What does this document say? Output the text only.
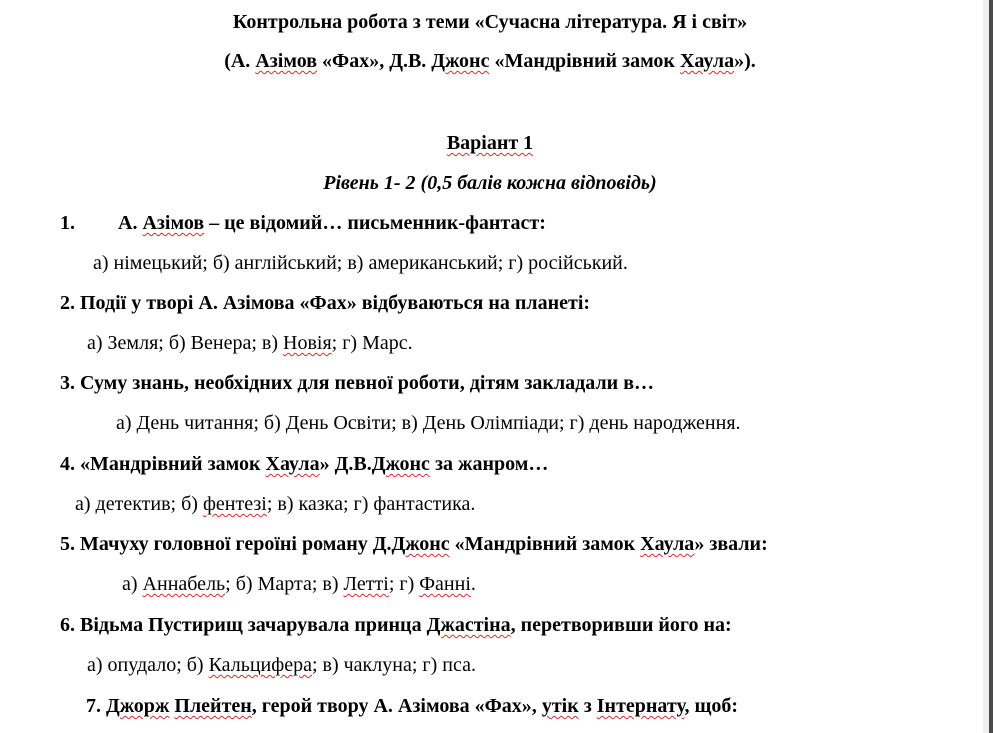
Контрольна робота з теми «Сучасна література. Я і світ»
(А. Азімов «Фах», Д.В. Джонс «Мандрівний замок Хаула»).
Варіант 1
Рівень 1- 2 (0,5 балів кожна відповідь)
1. А. Азімов – це відомий… письменник-фантаст:
а) німецький; б) англійський; в) американський; г) російський.
2. Події у творі А. Азімова «Фах» відбуваються на планеті:
а) Земля; б) Венера; в) Новія; г) Марс.
3. Суму знань, необхідних для певної роботи, дітям закладали в…
а) День читання; б) День Освіти; в) День Олімпіади; г) день народження.
4. «Мандрівний замок Хаула» Д.В.Джонс за жанром…
а) детектив; б) фентезі; в) казка; г) фантастика.
5. Мачуху головної героїні роману Д.Джонс «Мандрівний замок Хаула» звали:
а) Аннабель; б) Марта; в) Летті; г) Фанні.
6. Відьма Пустирищ зачарувала принца Джастіна, перетворивши його на:
а) опудало; б) Кальцифера; в) чаклуна; г) пса.
7. Джорж Плейтен, герой твору А. Азімова «Фах», утік з Інтернату, щоб:
